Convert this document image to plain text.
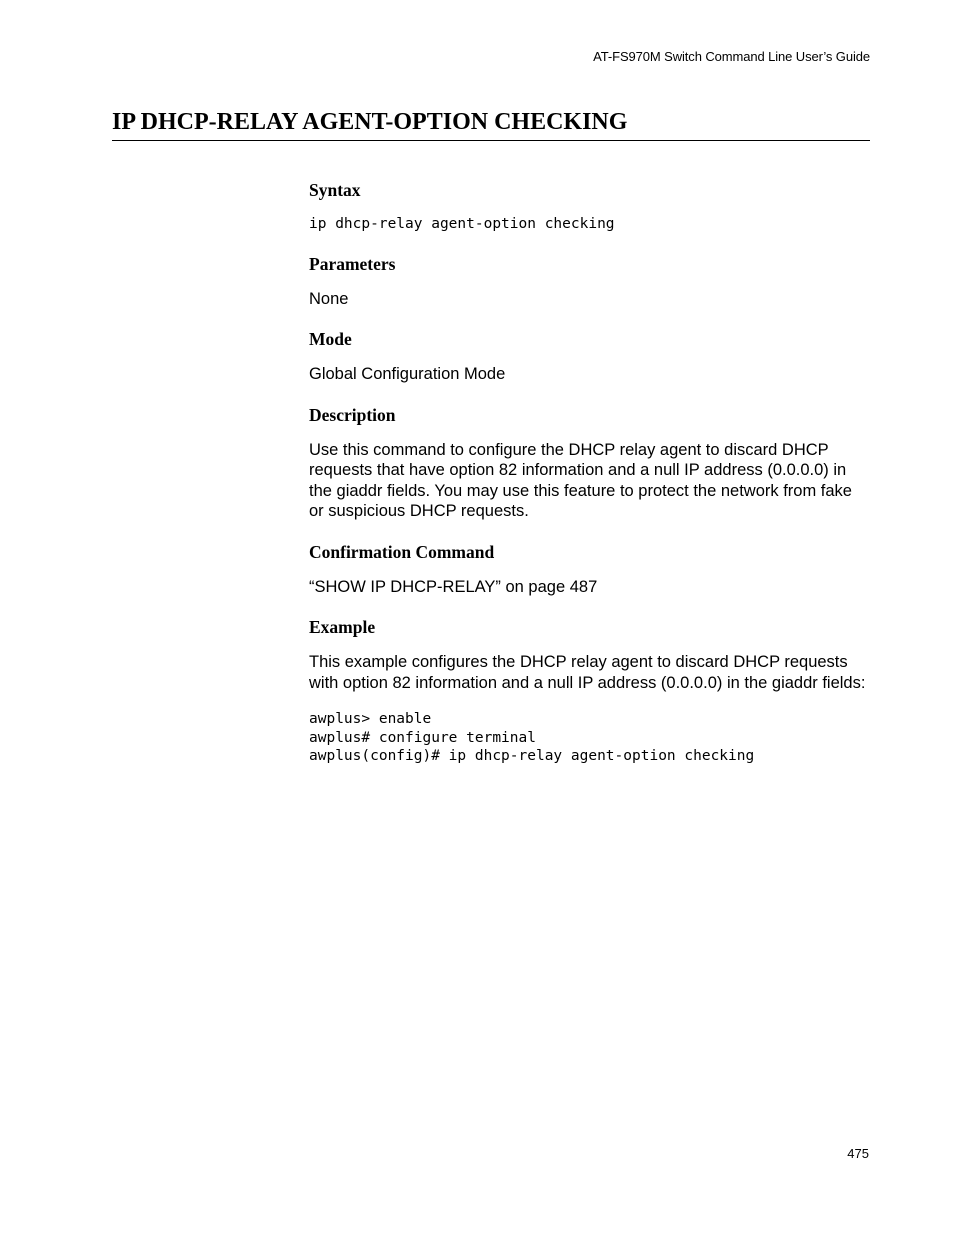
AT-FS970M Switch Command Line User’s Guide
IP DHCP-RELAY AGENT-OPTION CHECKING
Syntax
ip dhcp-relay agent-option checking
Parameters

None

Mode

Global Configuration Mode

Description

Use this command to configure the DHCP relay agent to discard DHCP requests that have option 82 information and a null IP address (0.0.0.0) in the giaddr fields. You may use this feature to protect the network from fake or suspicious DHCP requests.

Confirmation Command

“SHOW IP DHCP-RELAY” on page 487

Example

This example configures the DHCP relay agent to discard DHCP requests with option 82 information and a null IP address (0.0.0.0) in the giaddr fields:

awplus> enable
awplus# configure terminal
awplus(config)# ip dhcp-relay agent-option checking
475
